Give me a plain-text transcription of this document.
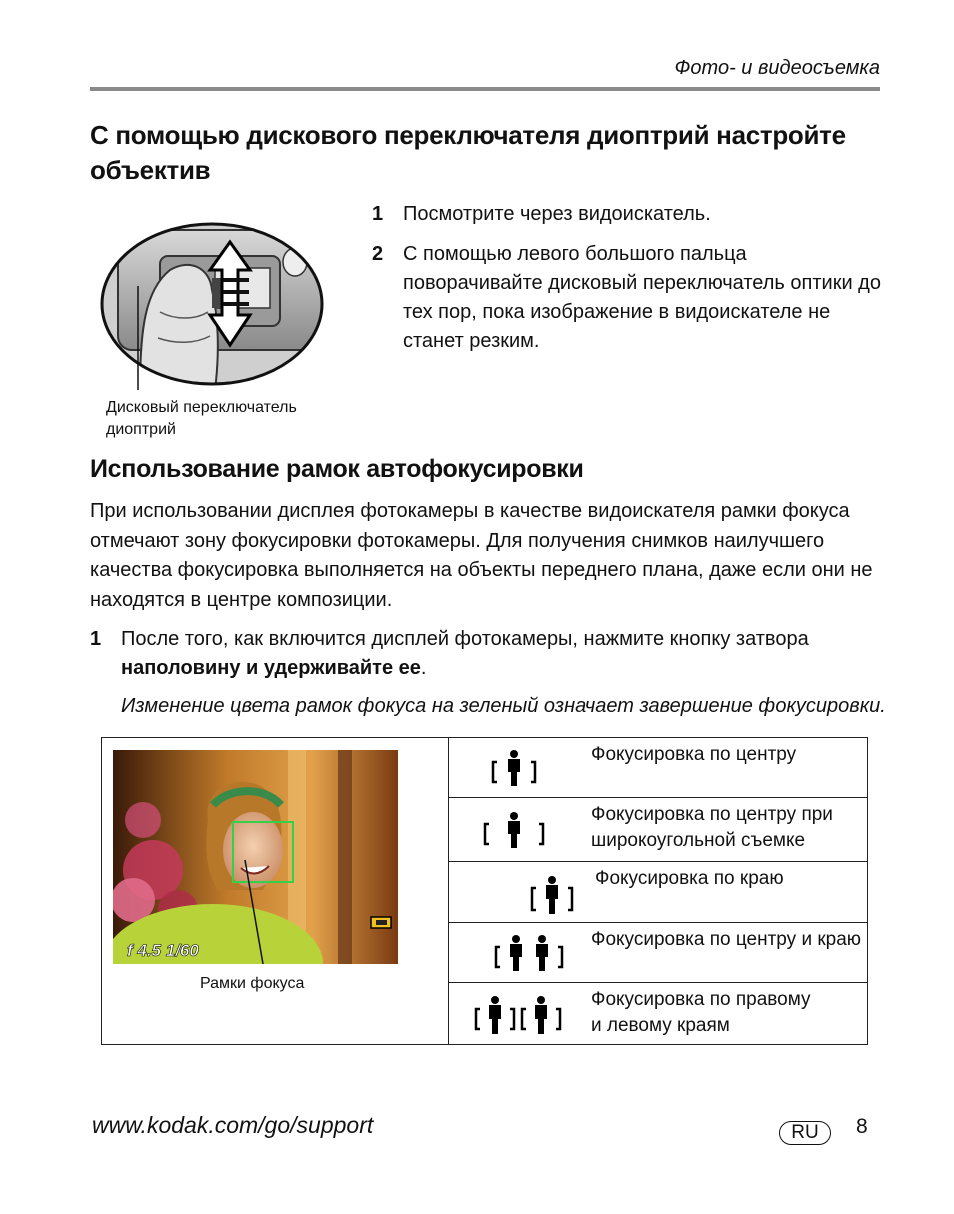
Фото- и видеосъемка
С помощью дискового переключателя диоптрий настройте объектив
Дисковый переключатель
диоптрий
1 Посмотрите через видоискатель.
2 С помощью левого большого пальца поворачивайте дисковый переключатель оптики до тех пор, пока изображение в видоискателе не станет резким.
Использование рамок автофокусировки
При использовании дисплея фотокамеры в качестве видоискателя рамки фокуса отмечают зону фокусировки фотокамеры. Для получения снимков наилучшего качества фокусировка выполняется на объекты переднего плана, даже если они не находятся в центре композиции.
1 После того, как включится дисплей фотокамеры, нажмите кнопку затвора наполовину и удерживайте ее.
Изменение цвета рамок фокуса на зеленый означает завершение фокусировки.
f 4.5 1/60
Рамки фокуса
Фокусировка по центру
Фокусировка по центру при
широкоугольной съемке
Фокусировка по краю
Фокусировка по центру и краю
Фокусировка по правому
и левому краям
www.kodak.com/go/support	RU	8
